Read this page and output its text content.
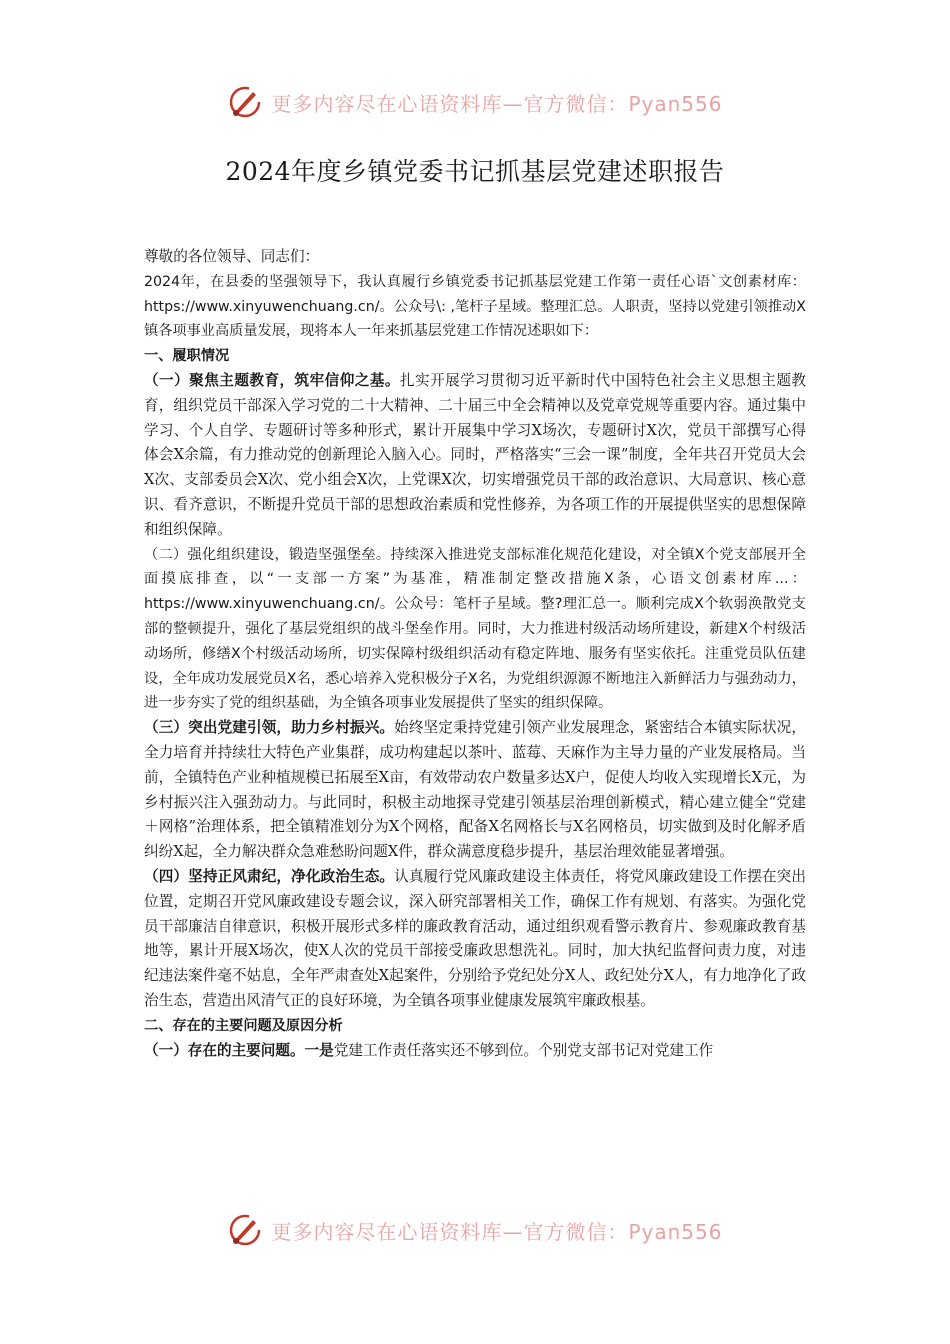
更多内容尽在心语资料库—官方微信：Pyan556
2024年度乡镇党委书记抓基层党建述职报告

尊敬的各位领导、同志们：

2024年，在县委的坚强领导下，我认真履行乡镇党委书记抓基层党建工作第一责任心语`文创素材库：https://www.xinyuwenchuang.cn/。公众号\: ,笔杆子星域。整理汇总。人职责，坚持以党建引领推动X镇各项事业高质量发展，现将本人一年来抓基层党建工作情况述职如下：

一、履职情况

（一）聚焦主题教育，筑牢信仰之基。扎实开展学习贯彻习近平新时代中国特色社会主义思想主题教育，组织党员干部深入学习党的二十大精神、二十届三中全会精神以及党章党规等重要内容。通过集中学习、个人自学、专题研讨等多种形式，累计开展集中学习X场次，专题研讨X次，党员干部撰写心得体会X余篇，有力推动党的创新理论入脑入心。同时，严格落实“三会一课”制度，全年共召开党员大会X次、支部委员会X次、党小组会X次，上党课X次，切实增强党员干部的政治意识、大局意识、核心意识、看齐意识，不断提升党员干部的思想政治素质和党性修养，为各项工作的开展提供坚实的思想保障和组织保障。

（二）强化组织建设，锻造坚强堡垒。持续深入推进党支部标准化规范化建设，对全镇X个党支部展开全面摸底排查，以“一支部一方案”为基准，精准制定整改措施X条，心语文创素材库...：https://www.xinyuwenchuang.cn/。公众号：笔杆子星域。整?理汇总一。顺利完成X个软弱涣散党支部的整顿提升，强化了基层党组织的战斗堡垒作用。同时，大力推进村级活动场所建设，新建X个村级活动场所，修缮X个村级活动场所，切实保障村级组织活动有稳定阵地、服务有坚实依托。注重党员队伍建设，全年成功发展党员X名，悉心培养入党积极分子X名，为党组织源源不断地注入新鲜活力与强劲动力，进一步夯实了党的组织基础，为全镇各项事业发展提供了坚实的组织保障。

（三）突出党建引领，助力乡村振兴。始终坚定秉持党建引领产业发展理念，紧密结合本镇实际状况，全力培育并持续壮大特色产业集群，成功构建起以茶叶、蓝莓、天麻作为主导力量的产业发展格局。当前，全镇特色产业种植规模已拓展至X亩，有效带动农户数量多达X户，促使人均收入实现增长X元，为乡村振兴注入强劲动力。与此同时，积极主动地探寻党建引领基层治理创新模式，精心建立健全“党建＋网格”治理体系，把全镇精准划分为X个网格，配备X名网格长与X名网格员，切实做到及时化解矛盾纠纷X起，全力解决群众急难愁盼问题X件，群众满意度稳步提升，基层治理效能显著增强。

（四）坚持正风肃纪，净化政治生态。认真履行党风廉政建设主体责任，将党风廉政建设工作摆在突出位置，定期召开党风廉政建设专题会议，深入研究部署相关工作，确保工作有规划、有落实。为强化党员干部廉洁自律意识，积极开展形式多样的廉政教育活动，通过组织观看警示教育片、参观廉政教育基地等，累计开展X场次，使X人次的党员干部接受廉政思想洗礼。同时，加大执纪监督问责力度，对违纪违法案件毫不姑息，全年严肃查处X起案件，分别给予党纪处分X人、政纪处分X人，有力地净化了政治生态，营造出风清气正的良好环境，为全镇各项事业健康发展筑牢廉政根基。

二、存在的主要问题及原因分析

（一）存在的主要问题。一是党建工作责任落实还不够到位。个别党支部书记对党建工作

更多内容尽在心语资料库—官方微信：Pyan556
